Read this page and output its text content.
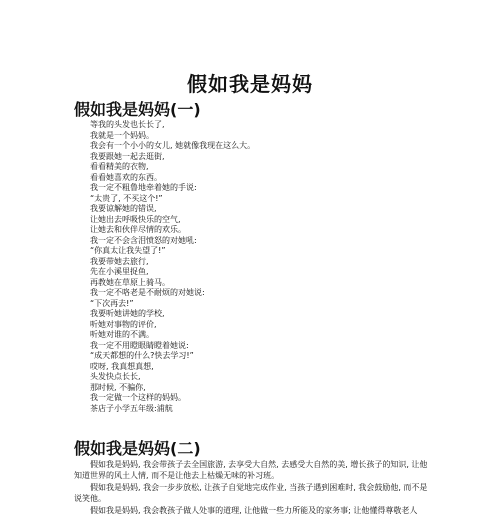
假如我是妈妈
假如我是妈妈(一)
等我的头发也长长了,
我就是一个妈妈。
我会有一个小小的女儿, 她就像我现在这么大。
我要跟她一起去逛街,
看看精美的衣物,
看看她喜欢的东西。
我一定不粗鲁地牵着她的手说:
“太贵了, 不买这个!”
我要谅解她的错误,
让她出去呼吸快乐的空气,
让她去和伙伴尽情的欢乐。
我一定不会含泪愤怒的对她吼:
“你真太让我失望了!”
我要带她去旅行,
先在小溪里捉鱼,
再教她在草原上骑马。
我一定不咯老是不耐烦的对她说:
“下次再去!”
我要听她讲她的学校,
听她对事物的评价,
听她对谁的不满。
我一定不用瞪眼睛瞪着她说:
“成天都想的什么?快去学习!”
哎呀, 我真想真想,
头发快点长长,
那时候, 不骗你,
我一定做一个这样的妈妈。
茶店子小学五年级:浦航
假如我是妈妈(二)

假如我是妈妈, 我会带孩子去全国旅游, 去享受大自然, 去感受大自然的美, 增长孩子的知识, 让他知道世界的风土人情, 而不是让他去上枯燥无味的补习班。

假如我是妈妈, 我会一步步放松, 让孩子自觉地完成作业, 当孩子遇到困难时, 我会鼓励他, 而不是说笑他。

假如我是妈妈, 我会教孩子做人处事的道理, 让他做一些力所能及的家务事; 让他懂得尊敬老人
